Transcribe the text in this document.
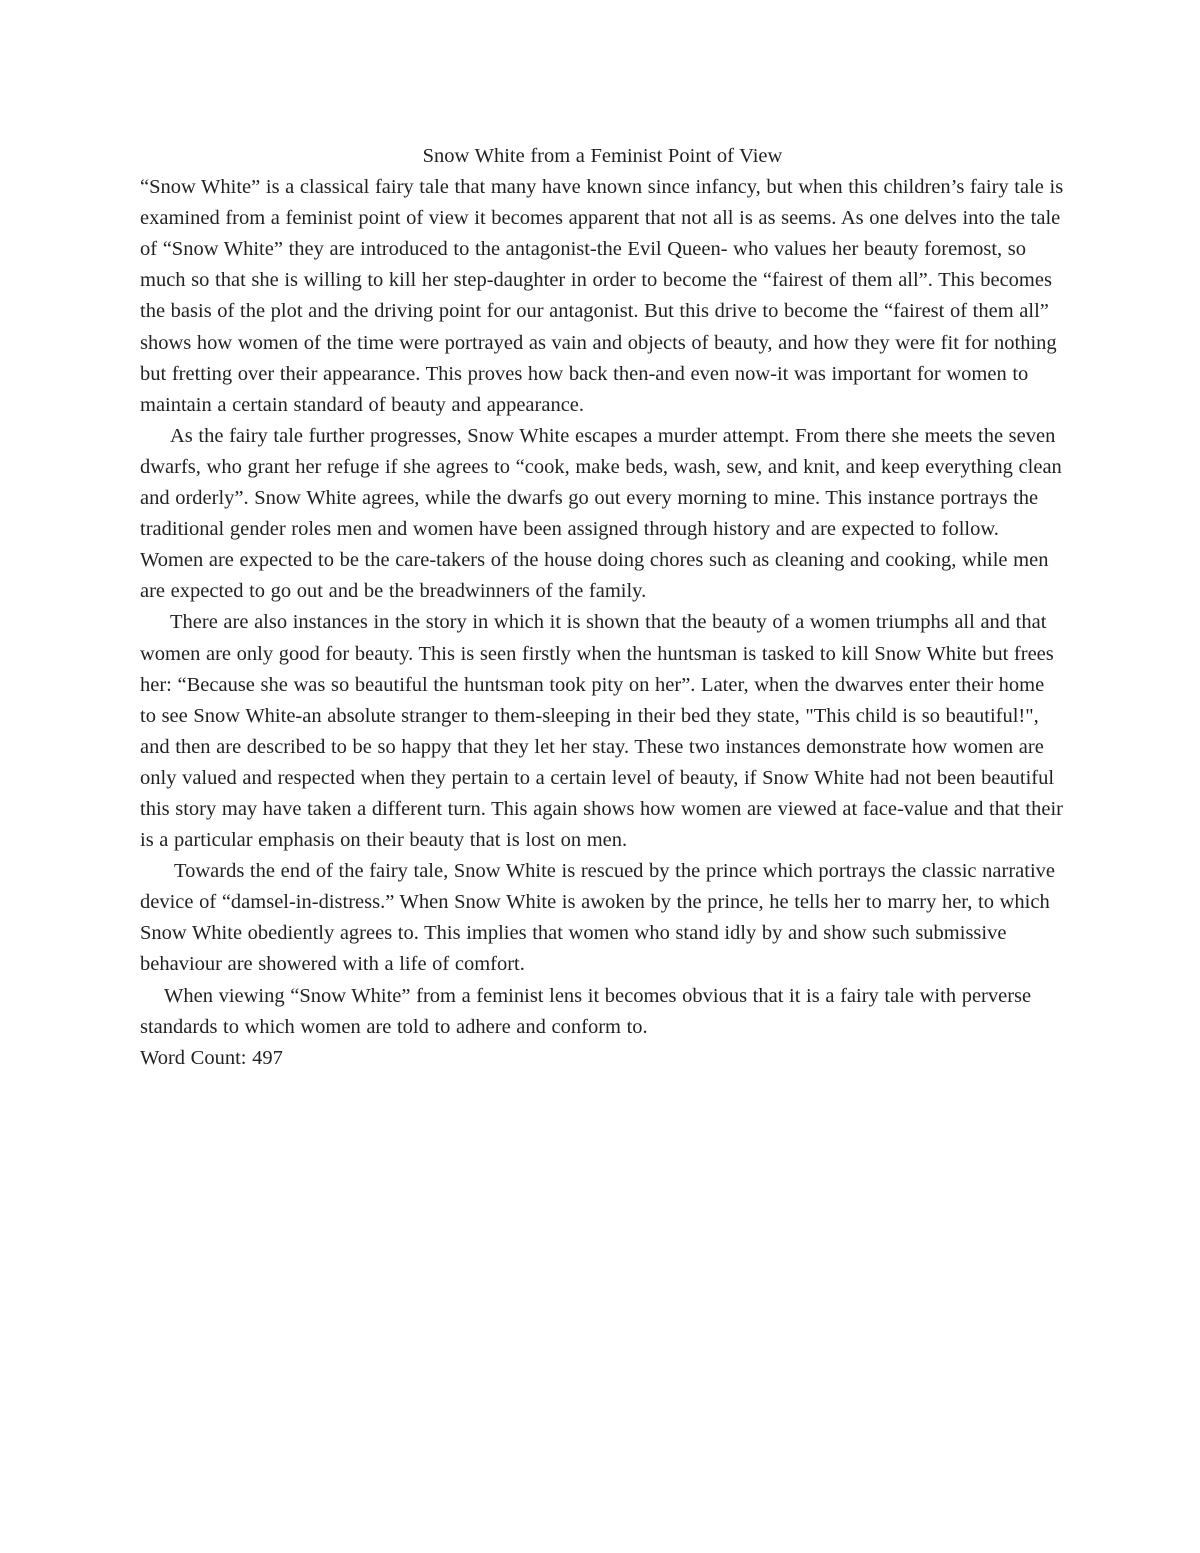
Snow White from a Feminist Point of View

“Snow White” is a classical fairy tale that many have known since infancy, but when this children’s fairy tale is examined from a feminist point of view it becomes apparent that not all is as seems. As one delves into the tale of “Snow White” they are introduced to the antagonist-the Evil Queen- who values her beauty foremost, so much so that she is willing to kill her step-daughter in order to become the “fairest of them all”. This becomes the basis of the plot and the driving point for our antagonist. But this drive to become the “fairest of them all” shows how women of the time were portrayed as vain and objects of beauty, and how they were fit for nothing but fretting over their appearance. This proves how back then-and even now-it was important for women to maintain a certain standard of beauty and appearance.

As the fairy tale further progresses, Snow White escapes a murder attempt. From there she meets the seven dwarfs, who grant her refuge if she agrees to “cook, make beds, wash, sew, and knit, and keep everything clean and orderly”. Snow White agrees, while the dwarfs go out every morning to mine. This instance portrays the traditional gender roles men and women have been assigned through history and are expected to follow. Women are expected to be the care-takers of the house doing chores such as cleaning and cooking, while men are expected to go out and be the breadwinners of the family.

There are also instances in the story in which it is shown that the beauty of a women triumphs all and that women are only good for beauty. This is seen firstly when the huntsman is tasked to kill Snow White but frees her: “Because she was so beautiful the huntsman took pity on her”. Later, when the dwarves enter their home to see Snow White-an absolute stranger to them-sleeping in their bed they state, "This child is so beautiful!", and then are described to be so happy that they let her stay. These two instances demonstrate how women are only valued and respected when they pertain to a certain level of beauty, if Snow White had not been beautiful this story may have taken a different turn. This again shows how women are viewed at face-value and that their is a particular emphasis on their beauty that is lost on men.

Towards the end of the fairy tale, Snow White is rescued by the prince which portrays the classic narrative device of “damsel-in-distress.” When Snow White is awoken by the prince, he tells her to marry her, to which Snow White obediently agrees to. This implies that women who stand idly by and show such submissive behaviour are showered with a life of comfort.

When viewing “Snow White” from a feminist lens it becomes obvious that it is a fairy tale with perverse standards to which women are told to adhere and conform to.

Word Count: 497
